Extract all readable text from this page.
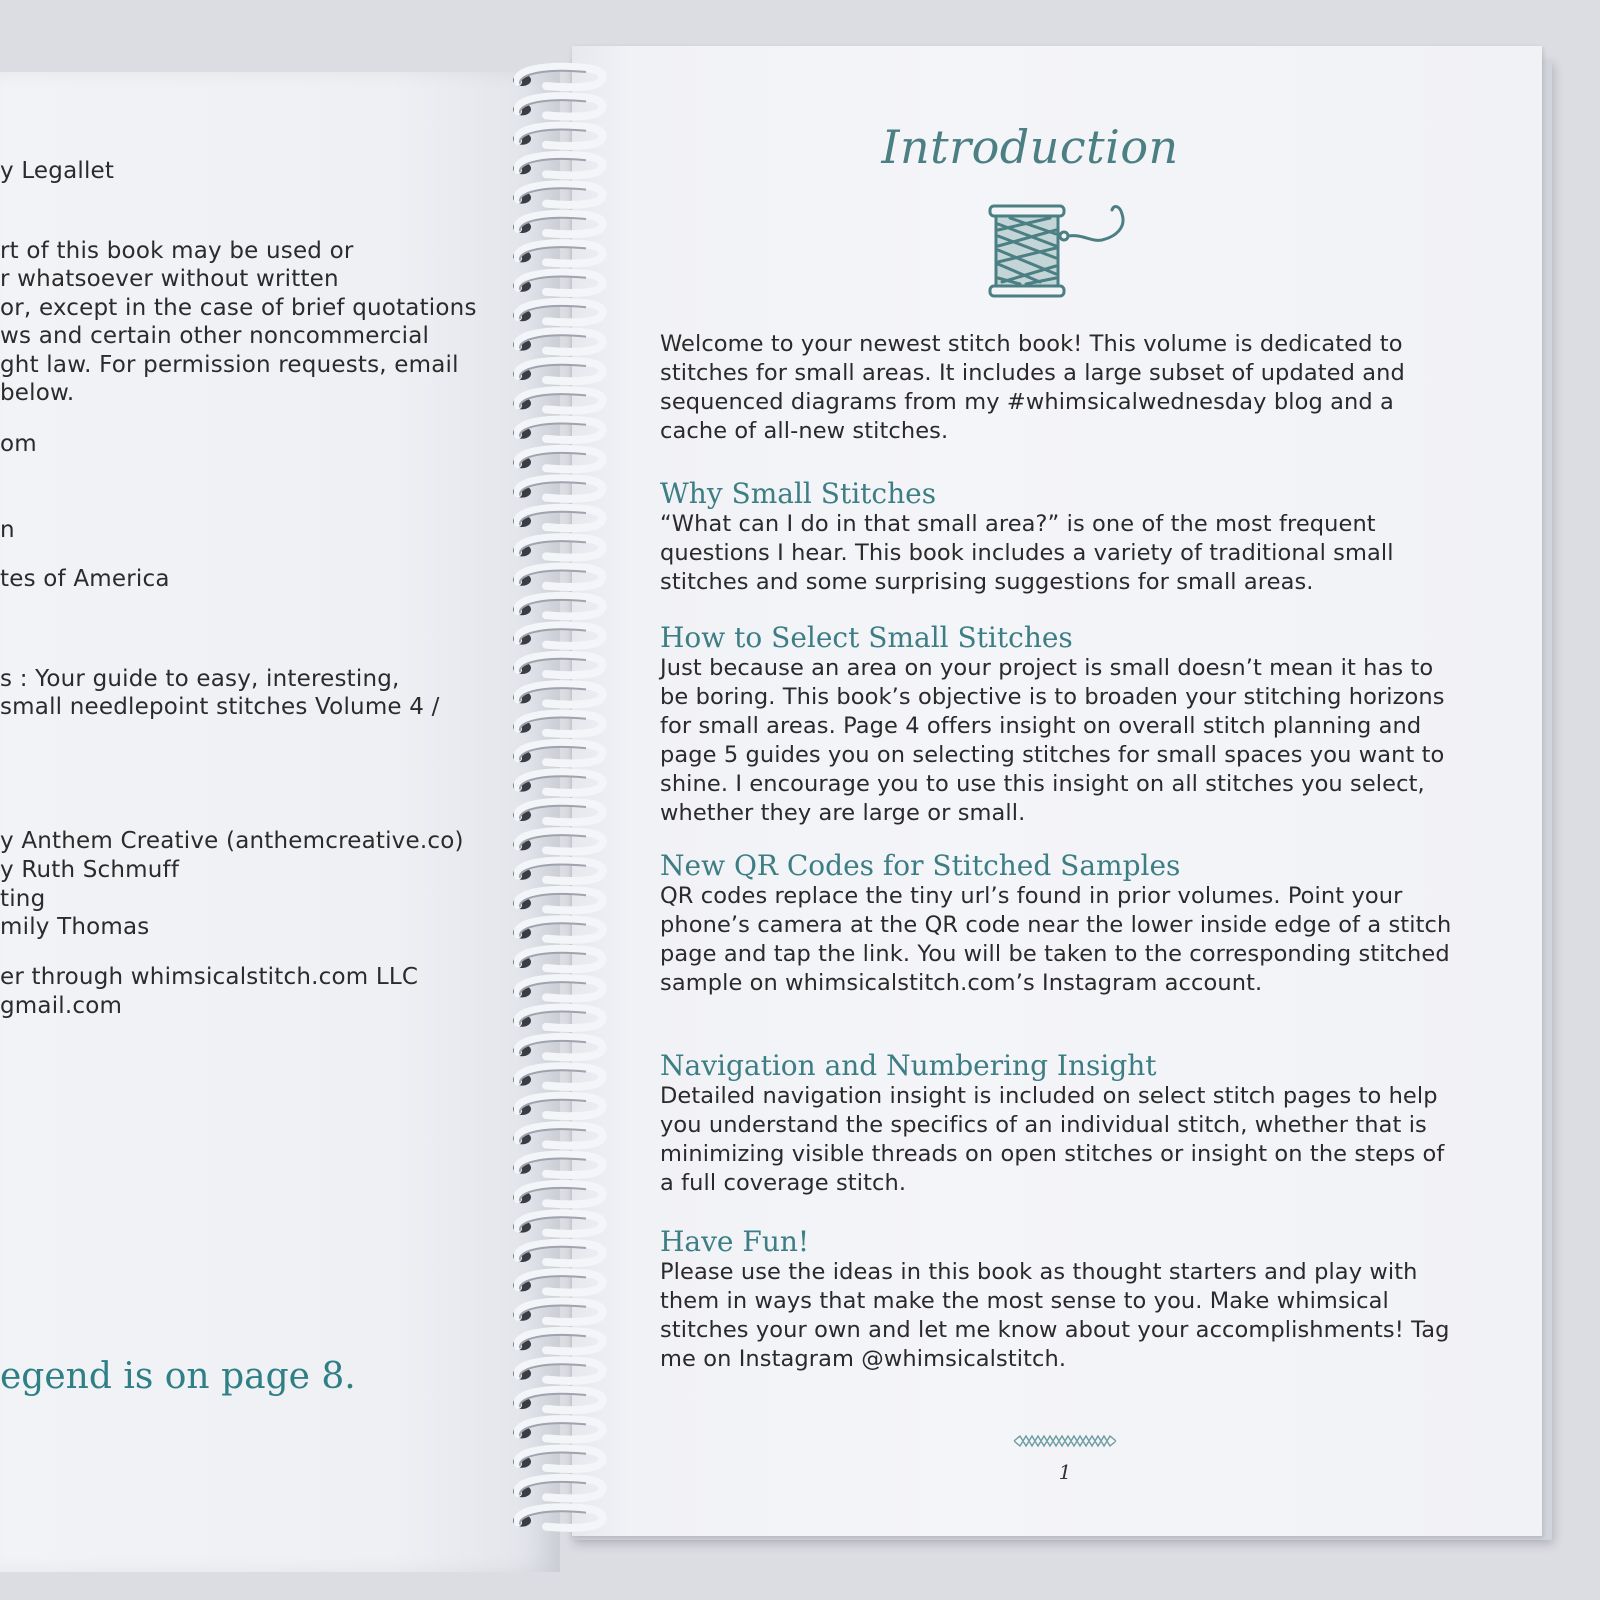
y Legallet

rt of this book may be used or

r whatsoever without written

or, except in the case of brief quotations

ws and certain other noncommercial

ght law. For permission requests, email

below.

om

n

tes of America

s : Your guide to easy, interesting,

small needlepoint stitches Volume 4 /

y Anthem Creative (anthemcreative.co)

y Ruth Schmuff

ting

mily Thomas

er through whimsicalstitch.com LLC

gmail.com

egend is on page 8.

Introduction

Welcome to your newest stitch book! This volume is dedicated to stitches for small areas. It includes a large subset of updated and sequenced diagrams from my #whimsicalwednesday blog and a cache of all-new stitches.

Why Small Stitches

“What can I do in that small area?” is one of the most frequent questions I hear. This book includes a variety of traditional small stitches and some surprising suggestions for small areas.

How to Select Small Stitches

Just because an area on your project is small doesn’t mean it has to be boring. This book’s objective is to broaden your stitching horizons for small areas. Page 4 offers insight on overall stitch planning and page 5 guides you on selecting stitches for small spaces you want to shine. I encourage you to use this insight on all stitches you select, whether they are large or small.

New QR Codes for Stitched Samples

QR codes replace the tiny url’s found in prior volumes. Point your phone’s camera at the QR code near the lower inside edge of a stitch page and tap the link. You will be taken to the corresponding stitched sample on whimsicalstitch.com’s Instagram account.

Navigation and Numbering Insight

Detailed navigation insight is included on select stitch pages to help you understand the specifics of an individual stitch, whether that is minimizing visible threads on open stitches or insight on the steps of a full coverage stitch.

Have Fun!

Please use the ideas in this book as thought starters and play with them in ways that make the most sense to you. Make whimsical stitches your own and let me know about your accomplishments! Tag me on Instagram @whimsicalstitch.

1
